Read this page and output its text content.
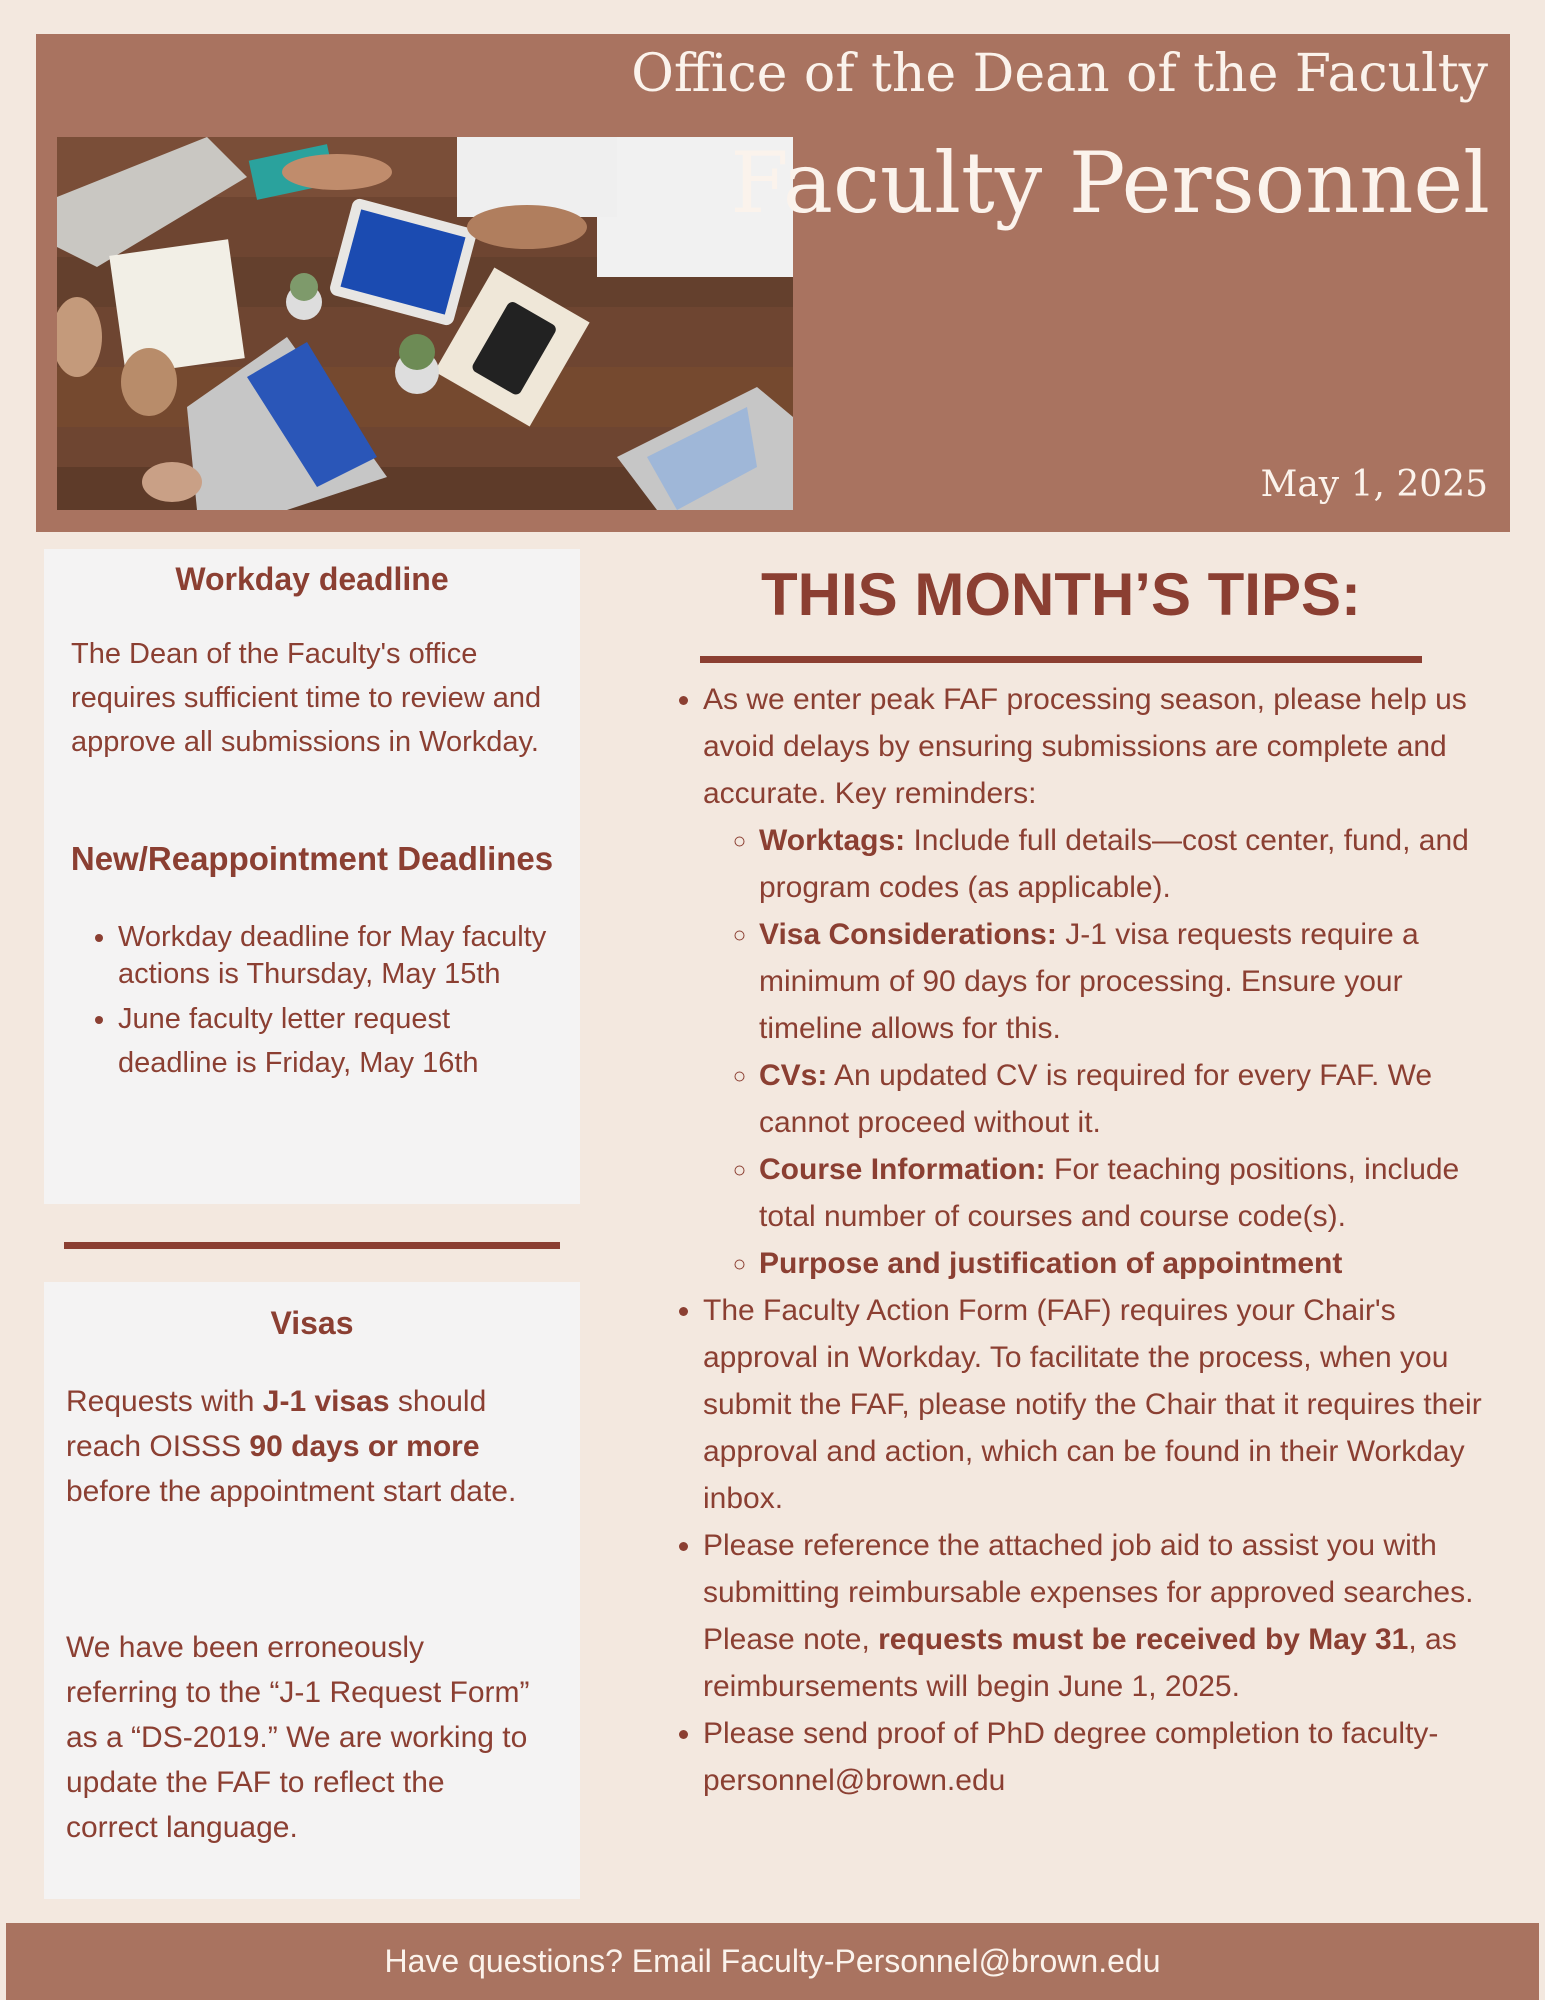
Office of the Dean of the Faculty
Faculty Personnel
May 1, 2025
Workday deadline

The Dean of the Faculty's office requires sufficient time to review and approve all submissions in Workday.

New/Reappointment Deadlines
• Workday deadline for May faculty actions is Thursday, May 15th
• June faculty letter request deadline is Friday, May 16th
Visas

Requests with J-1 visas should reach OISSS 90 days or more before the appointment start date.

We have been erroneously referring to the “J-1 Request Form” as a “DS-2019.” We are working to update the FAF to reflect the correct language.

THIS MONTH’S TIPS:
• As we enter peak FAF processing season, please help us avoid delays by ensuring submissions are complete and accurate. Key reminders:
◦ Worktags: Include full details—cost center, fund, and program codes (as applicable).
◦ Visa Considerations: J-1 visa requests require a minimum of 90 days for processing. Ensure your timeline allows for this.
◦ CVs: An updated CV is required for every FAF. We cannot proceed without it.
◦ Course Information: For teaching positions, include total number of courses and course code(s).
◦ Purpose and justification of appointment
• The Faculty Action Form (FAF) requires your Chair's approval in Workday. To facilitate the process, when you submit the FAF, please notify the Chair that it requires their approval and action, which can be found in their Workday inbox.
• Please reference the attached job aid to assist you with submitting reimbursable expenses for approved searches. Please note, requests must be received by May 31, as reimbursements will begin June 1, 2025.
• Please send proof of PhD degree completion to faculty-personnel@brown.edu
Have questions? Email Faculty-Personnel@brown.edu
